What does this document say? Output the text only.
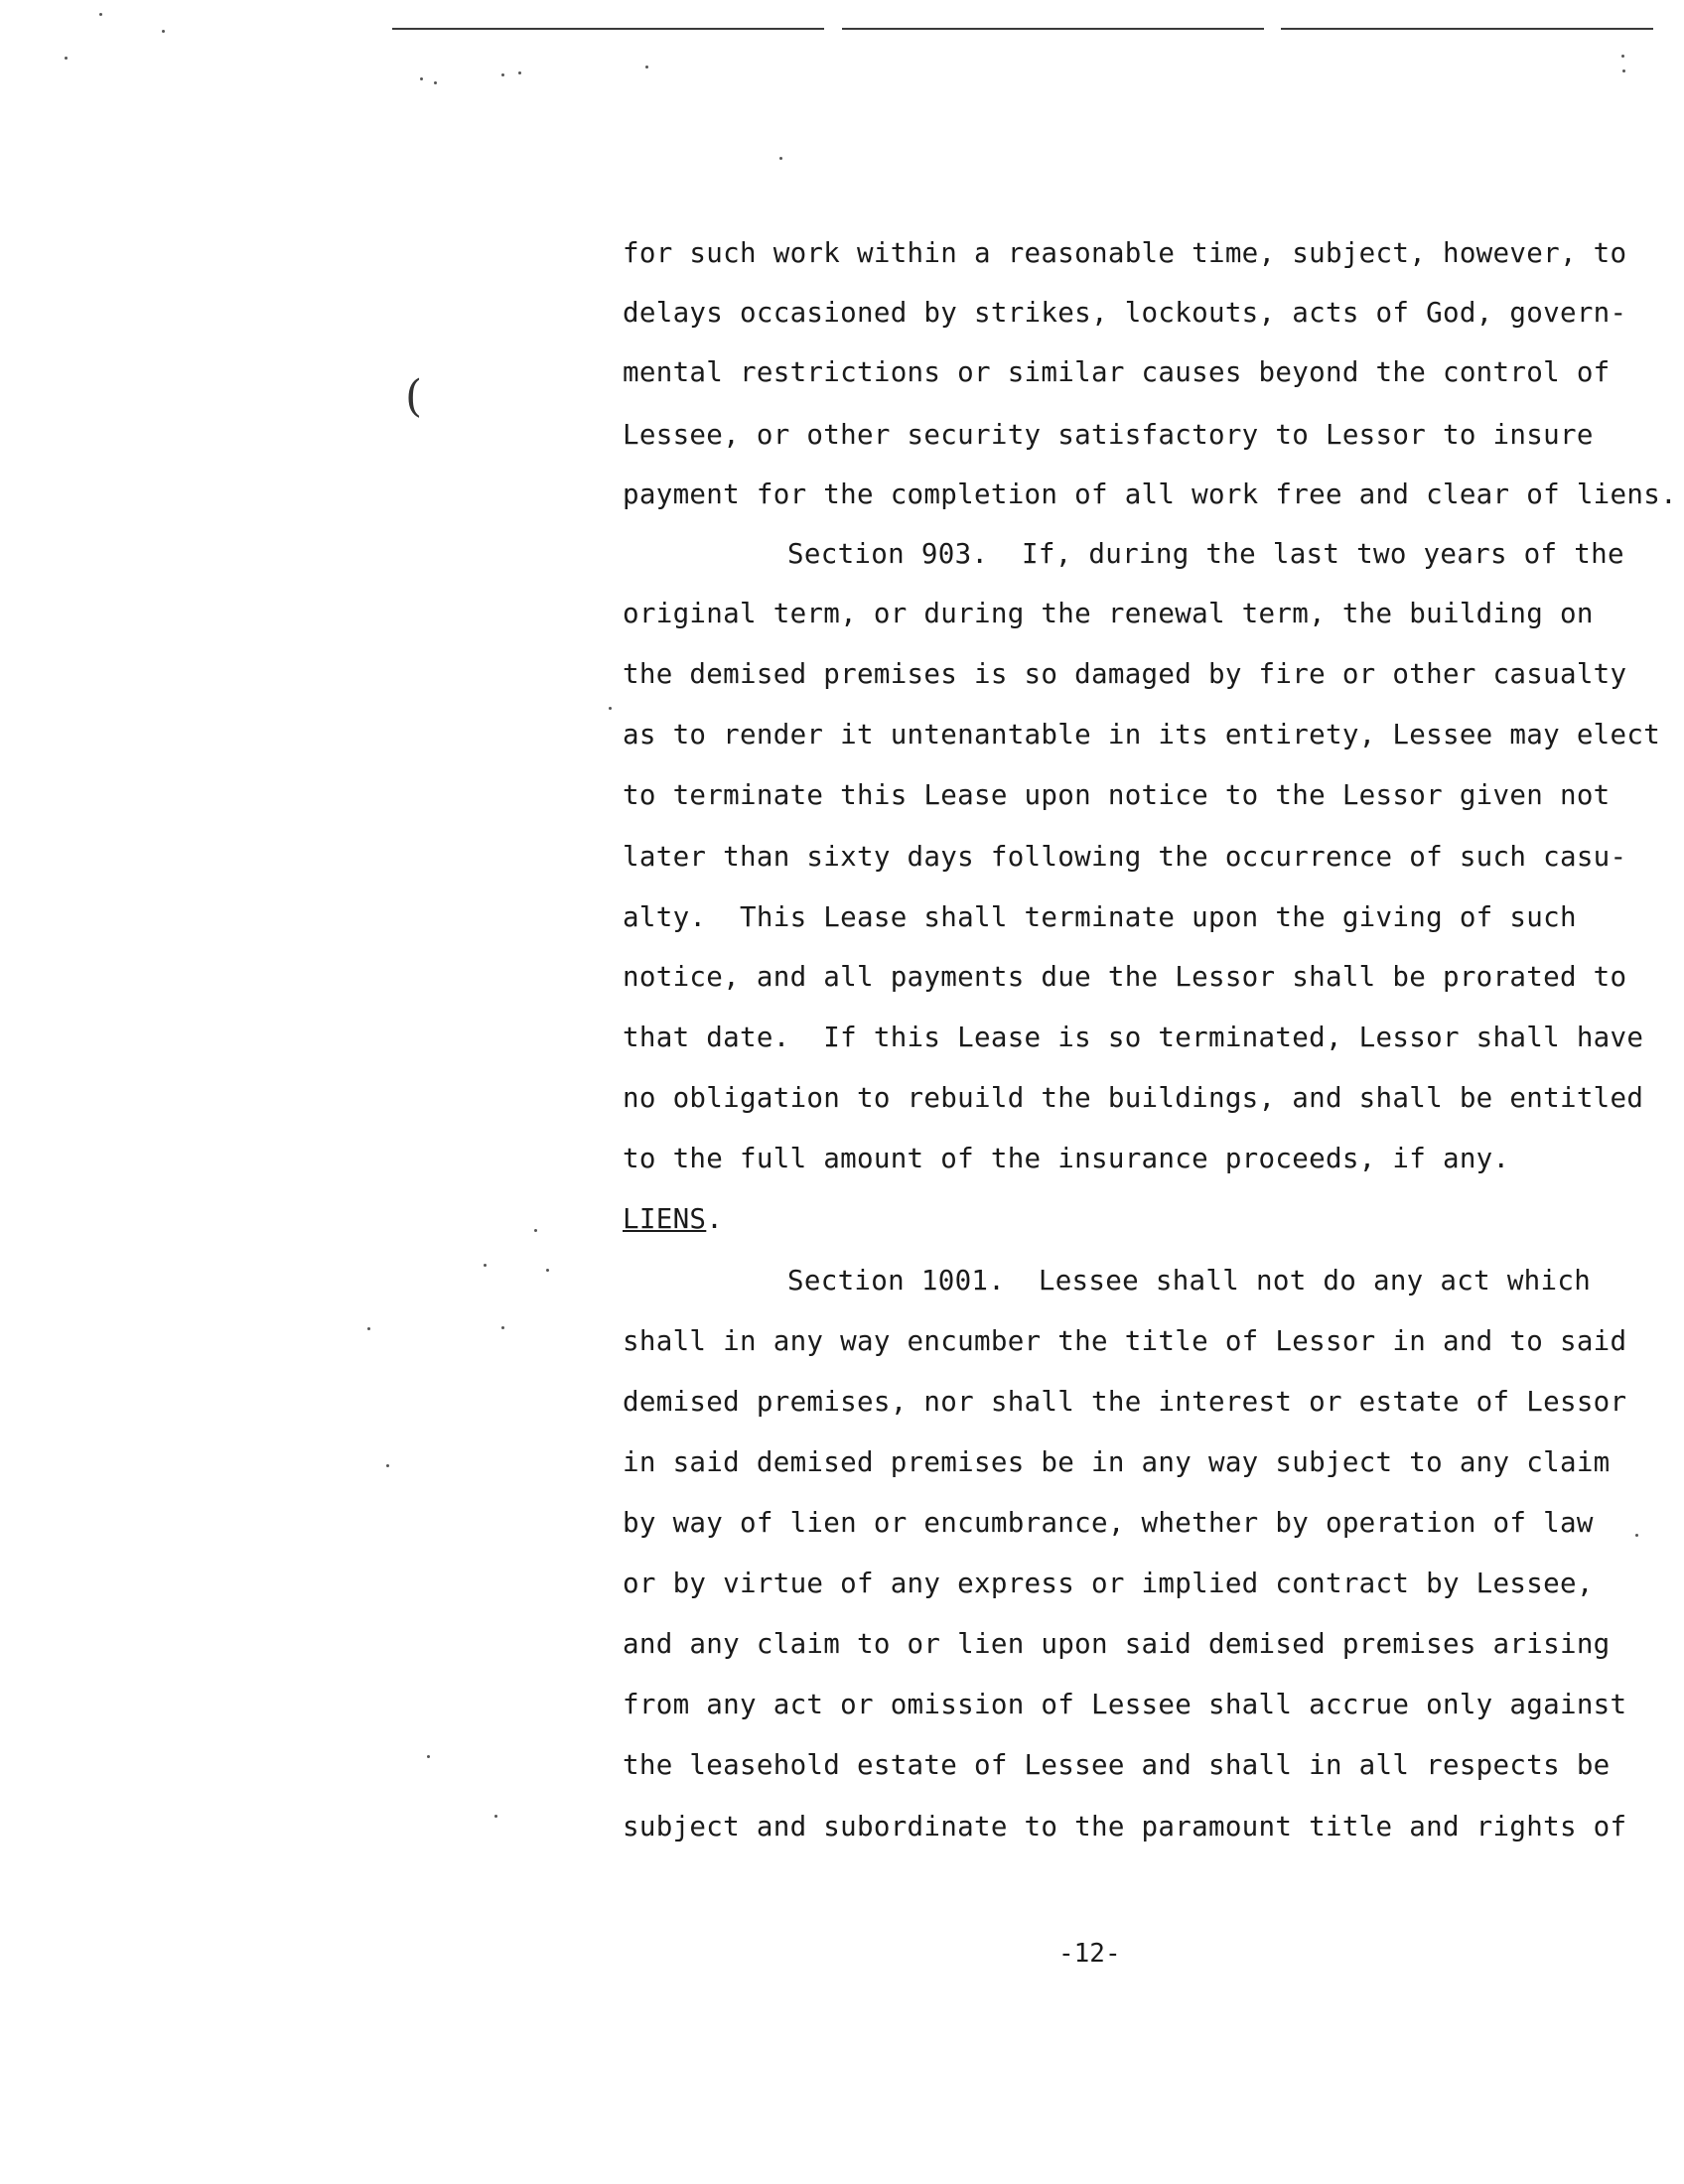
(
for such work within a reasonable time, subject, however, to
delays occasioned by strikes, lockouts, acts of God, govern-
mental restrictions or similar causes beyond the control of
Lessee, or other security satisfactory to Lessor to insure
payment for the completion of all work free and clear of liens.
Section 903.  If, during the last two years of the
original term, or during the renewal term, the building on
the demised premises is so damaged by fire or other casualty
as to render it untenantable in its entirety, Lessee may elect
to terminate this Lease upon notice to the Lessor given not
later than sixty days following the occurrence of such casu-
alty.  This Lease shall terminate upon the giving of such
notice, and all payments due the Lessor shall be prorated to
that date.  If this Lease is so terminated, Lessor shall have
no obligation to rebuild the buildings, and shall be entitled
to the full amount of the insurance proceeds, if any.
LIENS.
Section 1001.  Lessee shall not do any act which
shall in any way encumber the title of Lessor in and to said
demised premises, nor shall the interest or estate of Lessor
in said demised premises be in any way subject to any claim
by way of lien or encumbrance, whether by operation of law
or by virtue of any express or implied contract by Lessee,
and any claim to or lien upon said demised premises arising
from any act or omission of Lessee shall accrue only against
the leasehold estate of Lessee and shall in all respects be
subject and subordinate to the paramount title and rights of
-12-
